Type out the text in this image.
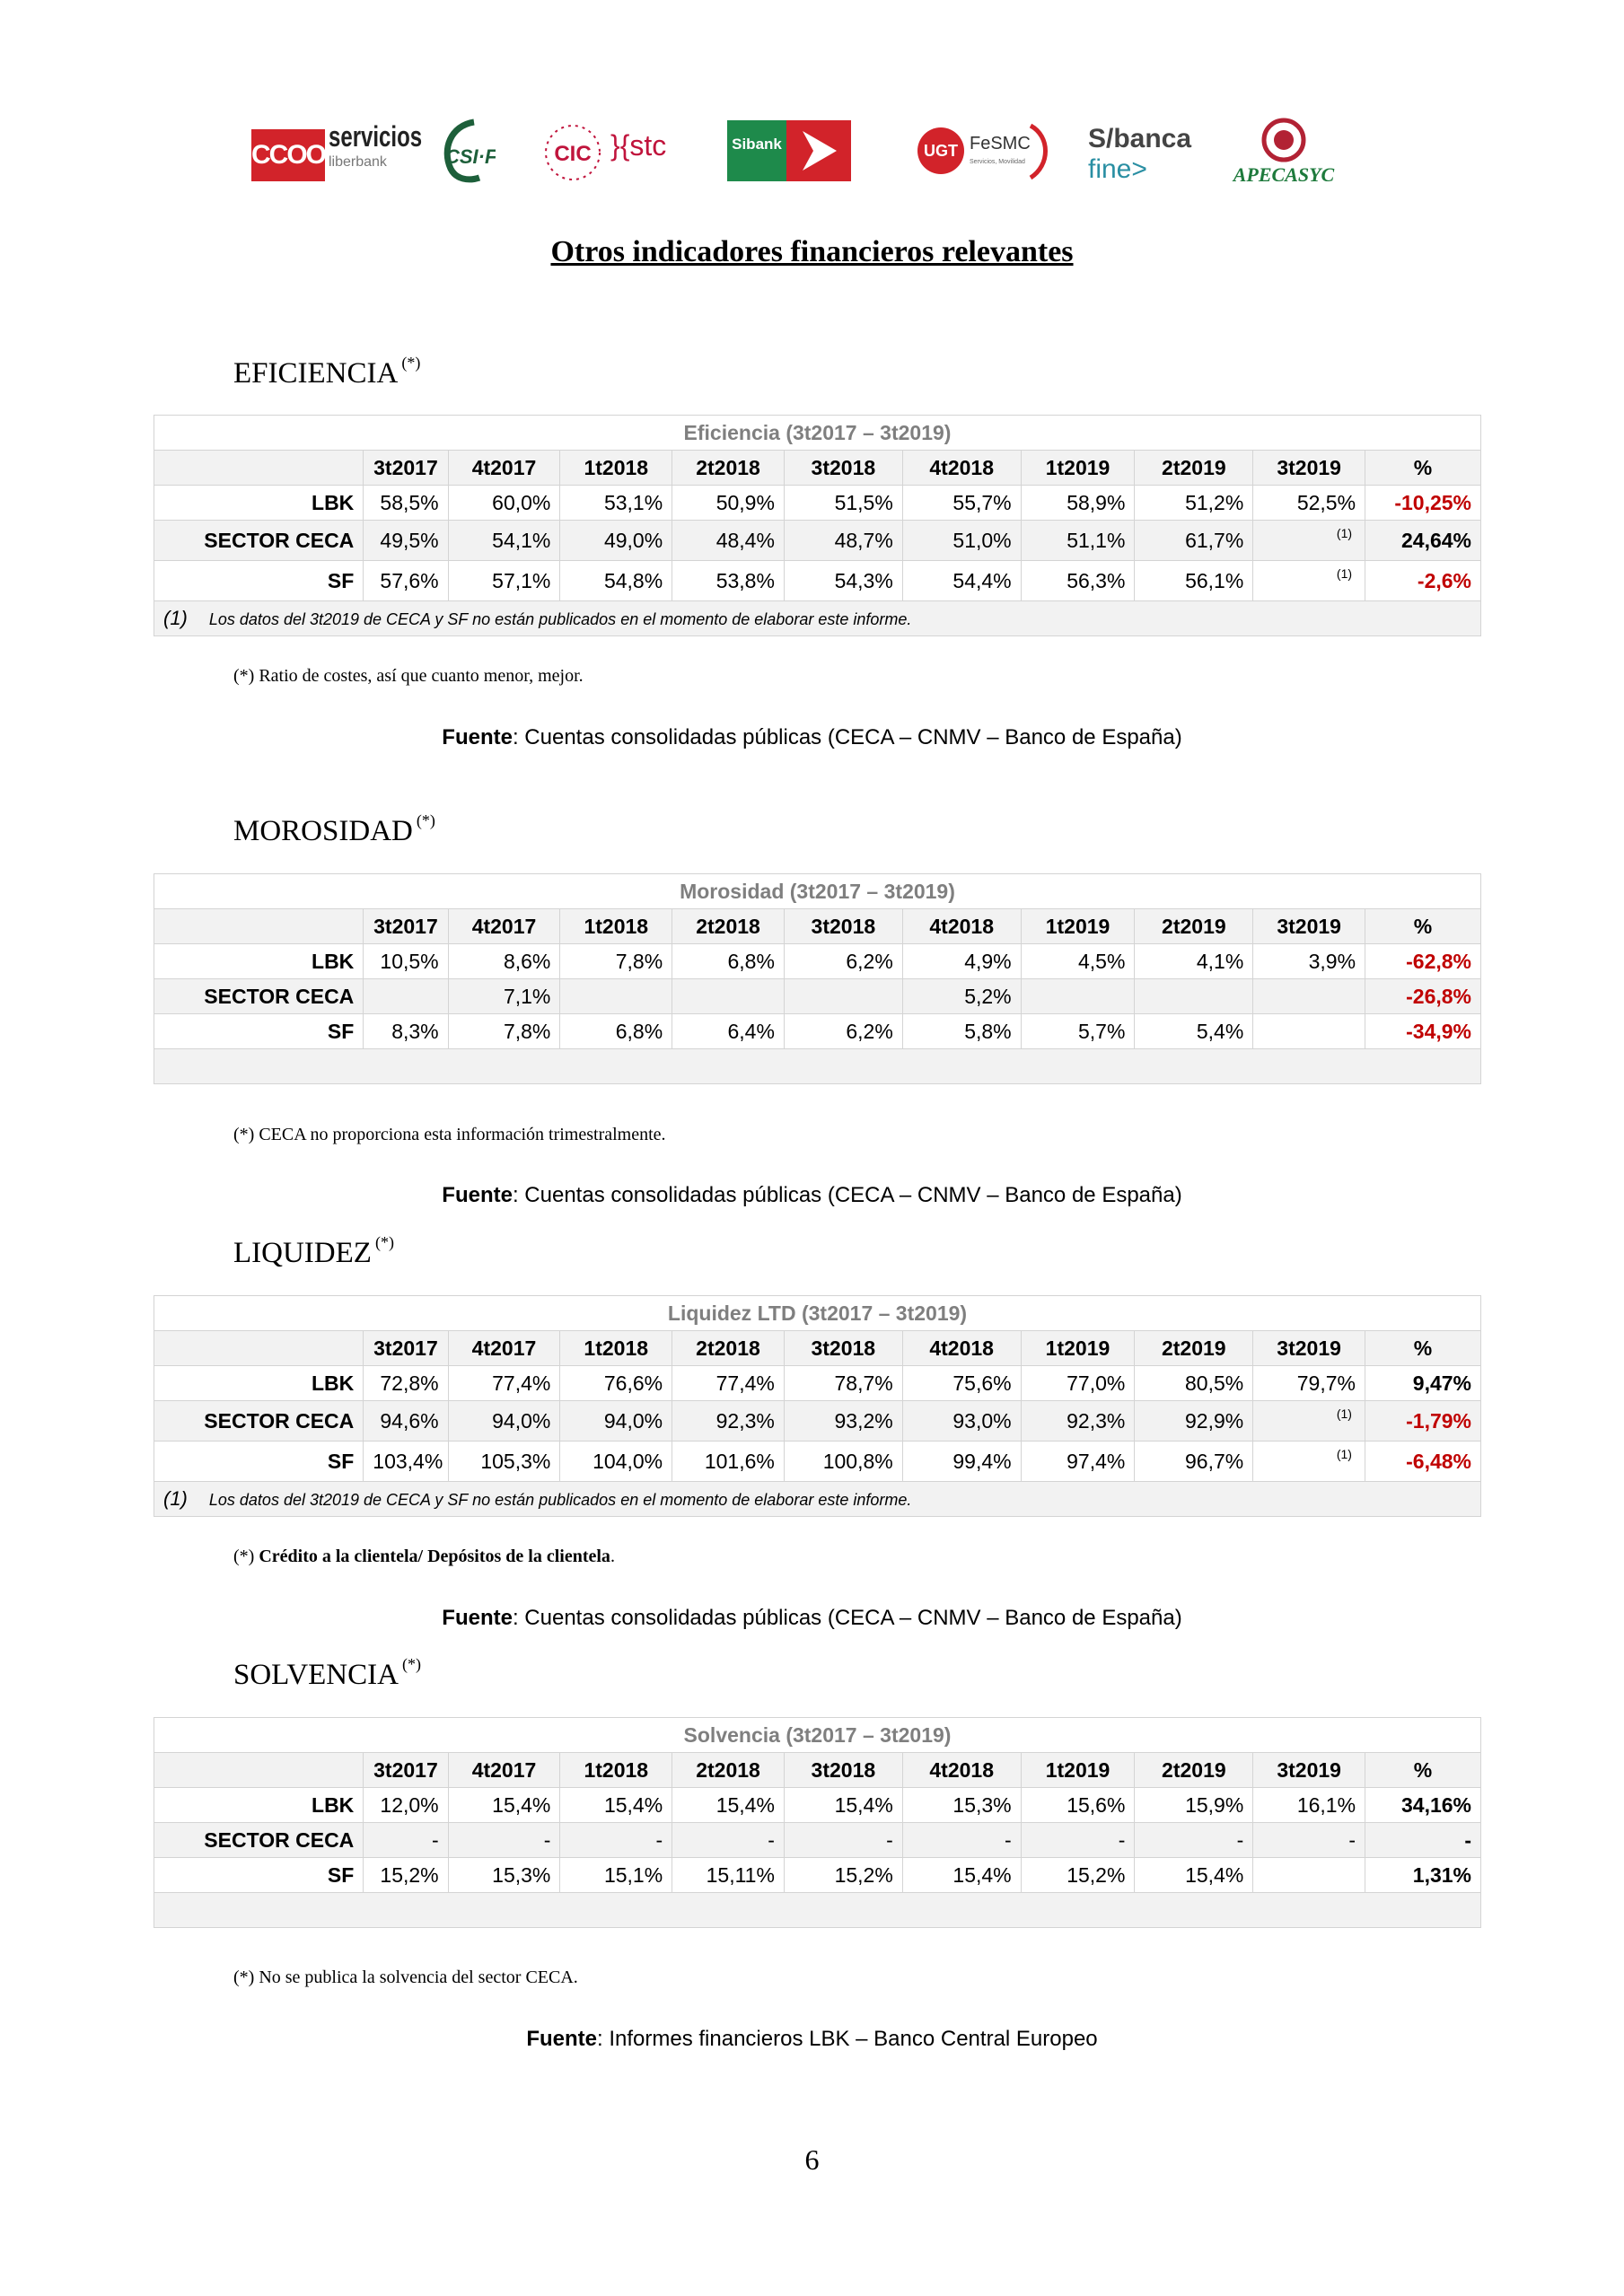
CCOO
servicios
liberbank	CSI·F	CIC }{stc	Sibank	UGT FeSMC
Servicios, Movilidad
S/banca
fine>	APECASYC
Otros indicadores financieros relevantes
EFICIENCIA (*)
Eficiencia (3t2017 – 3t2019)										
	3t2017	4t2017	1t2018	2t2018	3t2018	4t2018	1t2019	2t2019	3t2019	%
LBK	58,5%	60,0%	53,1%	50,9%	51,5%	55,7%	58,9%	51,2%	52,5%	-10,25%
SECTOR CECA	49,5%	54,1%	49,0%	48,4%	48,7%	51,0%	51,1%	61,7%	(1)	24,64%
SF	57,6%	57,1%	54,8%	53,8%	54,3%	54,4%	56,3%	56,1%	(1)	-2,6%
(1) Los datos del 3t2019 de CECA y SF no están publicados en el momento de elaborar este informe.										
(*) Ratio de costes, así que cuanto menor, mejor.
Fuente: Cuentas consolidadas públicas (CECA – CNMV – Banco de España)
MOROSIDAD (*)
Morosidad (3t2017 – 3t2019)										
	3t2017	4t2017	1t2018	2t2018	3t2018	4t2018	1t2019	2t2019	3t2019	%
LBK	10,5%	8,6%	7,8%	6,8%	6,2%	4,9%	4,5%	4,1%	3,9%	-62,8%
SECTOR CECA		7,1%				5,2%				-26,8%
SF	8,3%	7,8%	6,8%	6,4%	6,2%	5,8%	5,7%	5,4%		-34,9%

(*) CECA no proporciona esta información trimestralmente.
Fuente: Cuentas consolidadas públicas (CECA – CNMV – Banco de España)
LIQUIDEZ (*)
Liquidez LTD (3t2017 – 3t2019)										
	3t2017	4t2017	1t2018	2t2018	3t2018	4t2018	1t2019	2t2019	3t2019	%
LBK	72,8%	77,4%	76,6%	77,4%	78,7%	75,6%	77,0%	80,5%	79,7%	9,47%
SECTOR CECA	94,6%	94,0%	94,0%	92,3%	93,2%	93,0%	92,3%	92,9%	(1)	-1,79%
SF	103,4%	105,3%	104,0%	101,6%	100,8%	99,4%	97,4%	96,7%	(1)	-6,48%
(1) Los datos del 3t2019 de CECA y SF no están publicados en el momento de elaborar este informe.										
(*) Crédito a la clientela/ Depósitos de la clientela.
Fuente: Cuentas consolidadas públicas (CECA – CNMV – Banco de España)
SOLVENCIA (*)
Solvencia (3t2017 – 3t2019)										
	3t2017	4t2017	1t2018	2t2018	3t2018	4t2018	1t2019	2t2019	3t2019	%
LBK	12,0%	15,4%	15,4%	15,4%	15,4%	15,3%	15,6%	15,9%	16,1%	34,16%
SECTOR CECA	-	-	-	-	-	-	-	-	-	-
SF	15,2%	15,3%	15,1%	15,11%	15,2%	15,4%	15,2%	15,4%		1,31%

(*) No se publica la solvencia del sector CECA.
Fuente: Informes financieros LBK – Banco Central Europeo
6
